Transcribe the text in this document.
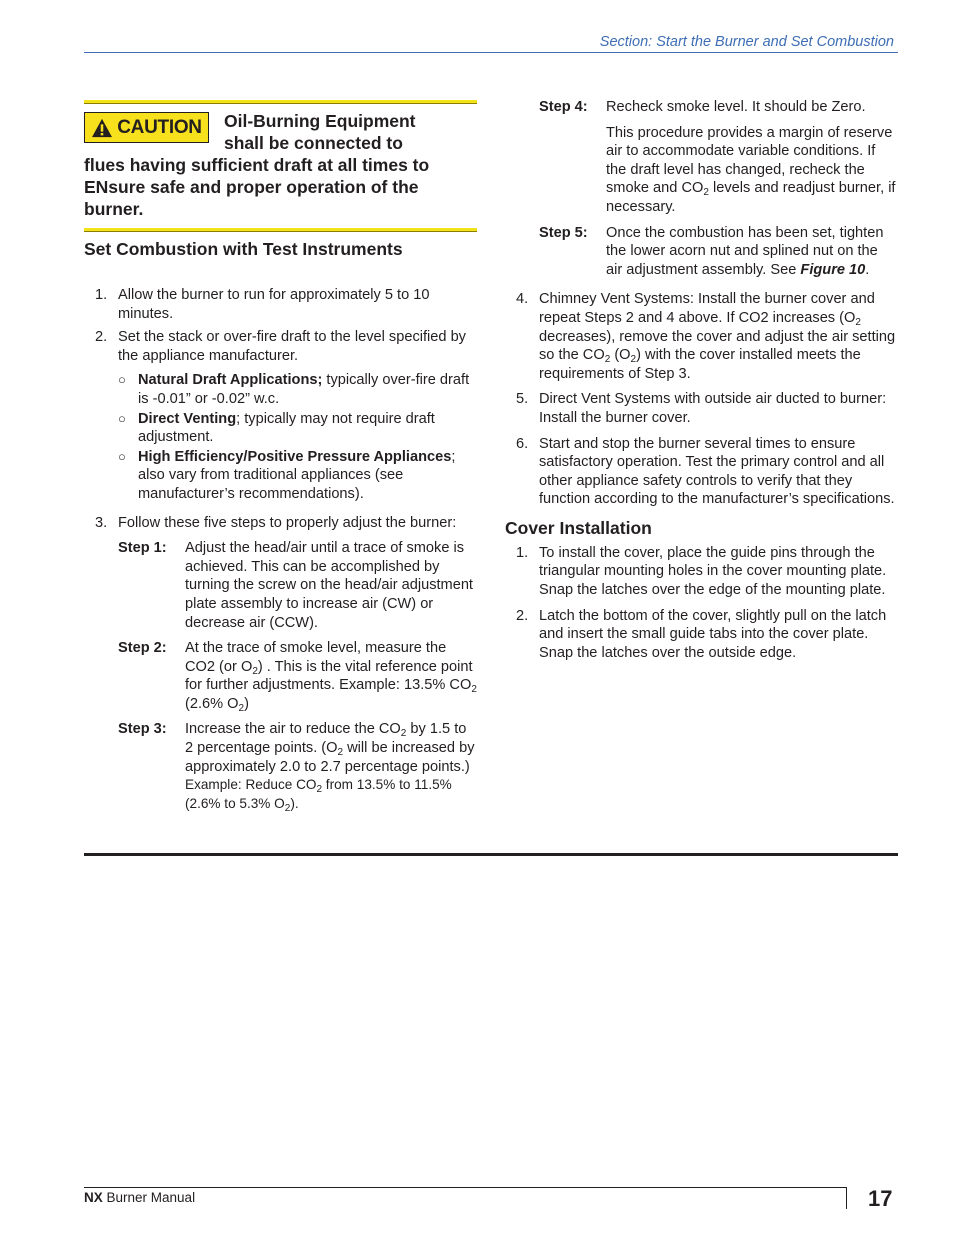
Section: Start the Burner and Set Combustion
CAUTION Oil-Burning Equipment
shall be connected to
flues having sufficient draft at all times to ENsure safe and proper operation of the burner.
Set Combustion with Test Instruments
1. Allow the burner to run for approximately 5 to 10 minutes.
2. Set the stack or over-fire draft to the level specified by the appliance manufacturer.
○ Natural Draft Applications; typically over-fire draft is -0.01” or -0.02” w.c.
○ Direct Venting; typically may not require draft adjustment.
○ High Efficiency/Positive Pressure Appliances; also vary from traditional appliances (see manufacturer’s recommendations).
3. Follow these five steps to properly adjust the burner:
Step 1:	Adjust the head/air until a trace of smoke is achieved. This can be accomplished by turning the screw on the head/air adjustment plate assembly to increase air (CW) or decrease air (CCW).
Step 2:	At the trace of smoke level, measure the CO2 (or $O_2$) . This is the vital reference point for further adjustments. Example: 13.5% $CO_2$ (2.6% $O_2$)
Step 3:	Increase the air to reduce the $CO_2$ by 1.5 to 2 percentage points. ($O_2$ will be increased by approximately 2.0 to 2.7 percentage points.) Example: Reduce $CO_2$ from 13.5% to 11.5% (2.6% to 5.3% $O_2$).
Step 4:	Recheck smoke level. It should be Zero.
This procedure provides a margin of reserve air to accommodate variable conditions. If the draft level has changed, recheck the smoke and $CO_2$ levels and readjust burner, if necessary.
Step 5:	Once the combustion has been set, tighten the lower acorn nut and splined nut on the air adjustment assembly. See Figure 10.
4. Chimney Vent Systems: Install the burner cover and repeat Steps 2 and 4 above. If CO2 increases ($O_2$ decreases), remove the cover and adjust the air setting so the $CO_2$ $(O_2)$ with the cover installed meets the requirements of Step 3.
5. Direct Vent Systems with outside air ducted to burner: Install the burner cover.
6. Start and stop the burner several times to ensure satisfactory operation. Test the primary control and all other appliance safety controls to verify that they function according to the manufacturer’s specifications.
Cover Installation
1. To install the cover, place the guide pins through the triangular mounting holes in the cover mounting plate. Snap the latches over the edge of the mounting plate.
2. Latch the bottom of the cover, slightly pull on the latch and insert the small guide tabs into the cover plate. Snap the latches over the outside edge.
NX Burner Manual	17
